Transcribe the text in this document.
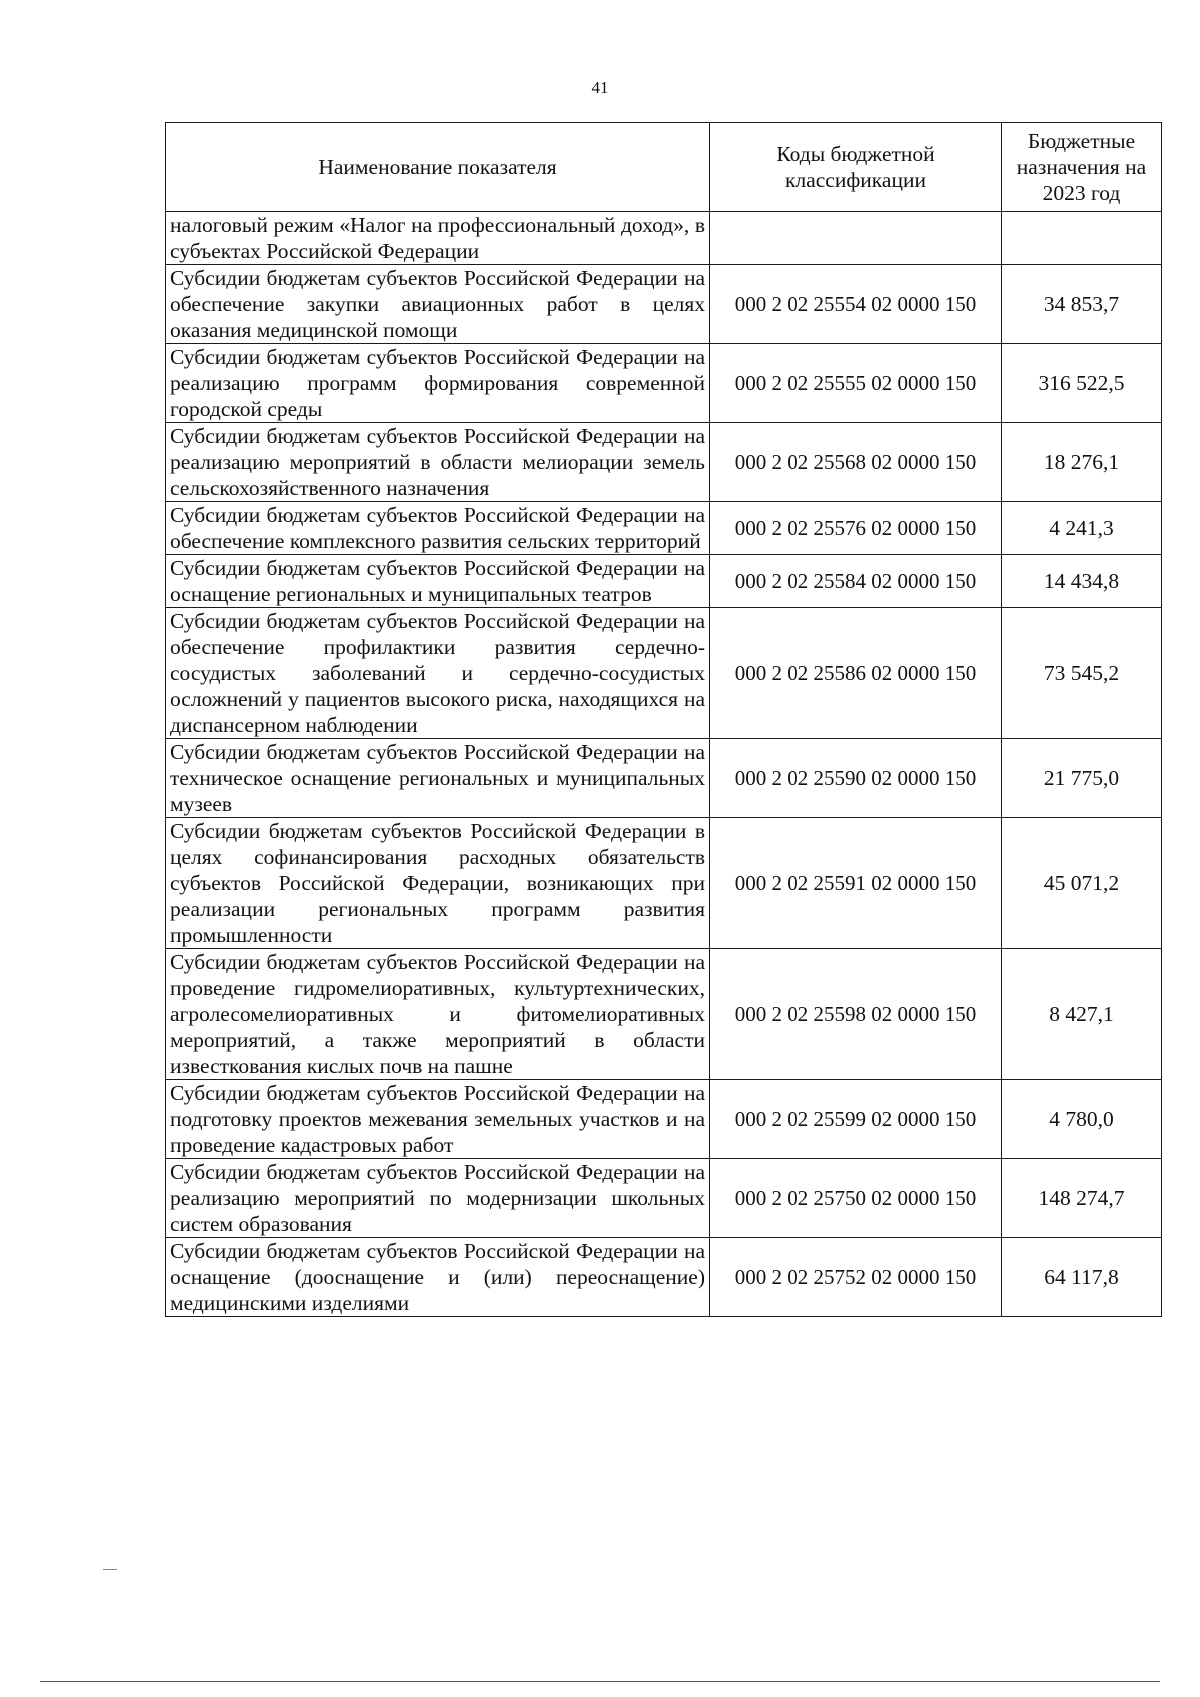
41
Наименование показателя	Коды бюджетной классификации	Бюджетные назначения на 2023 год
налоговый режим «Налог на профессиональный доход», в субъектах Российской Федерации		
Субсидии бюджетам субъектов Российской Федерации на обеспечение закупки авиационных работ в целях оказания медицинской помощи	000 2 02 25554 02 0000 150	34 853,7
Субсидии бюджетам субъектов Российской Федерации на реализацию программ формирования современной городской среды	000 2 02 25555 02 0000 150	316 522,5
Субсидии бюджетам субъектов Российской Федерации на реализацию мероприятий в области мелиорации земель сельскохозяйственного назначения	000 2 02 25568 02 0000 150	18 276,1
Субсидии бюджетам субъектов Российской Федерации на обеспечение комплексного развития сельских территорий	000 2 02 25576 02 0000 150	4 241,3
Субсидии бюджетам субъектов Российской Федерации на оснащение региональных и муниципальных театров	000 2 02 25584 02 0000 150	14 434,8
Субсидии бюджетам субъектов Российской Федерации на обеспечение профилактики развития сердечно-сосудистых заболеваний и сердечно-сосудистых осложнений у пациентов высокого риска, находящихся на диспансерном наблюдении	000 2 02 25586 02 0000 150	73 545,2
Субсидии бюджетам субъектов Российской Федерации на техническое оснащение региональных и муниципальных музеев	000 2 02 25590 02 0000 150	21 775,0
Субсидии бюджетам субъектов Российской Федерации в целях софинансирования расходных обязательств субъектов Российской Федерации, возникающих при реализации региональных программ развития промышленности	000 2 02 25591 02 0000 150	45 071,2
Субсидии бюджетам субъектов Российской Федерации на проведение гидромелиоративных, культуртехнических, агролесомелиоративных и фитомелиоративных мероприятий, а также мероприятий в области известкования кислых почв на пашне	000 2 02 25598 02 0000 150	8 427,1
Субсидии бюджетам субъектов Российской Федерации на подготовку проектов межевания земельных участков и на проведение кадастровых работ	000 2 02 25599 02 0000 150	4 780,0
Субсидии бюджетам субъектов Российской Федерации на реализацию мероприятий по модернизации школьных систем образования	000 2 02 25750 02 0000 150	148 274,7
Субсидии бюджетам субъектов Российской Федерации на оснащение (дооснащение и (или) переоснащение) медицинскими изделиями	000 2 02 25752 02 0000 150	64 117,8
